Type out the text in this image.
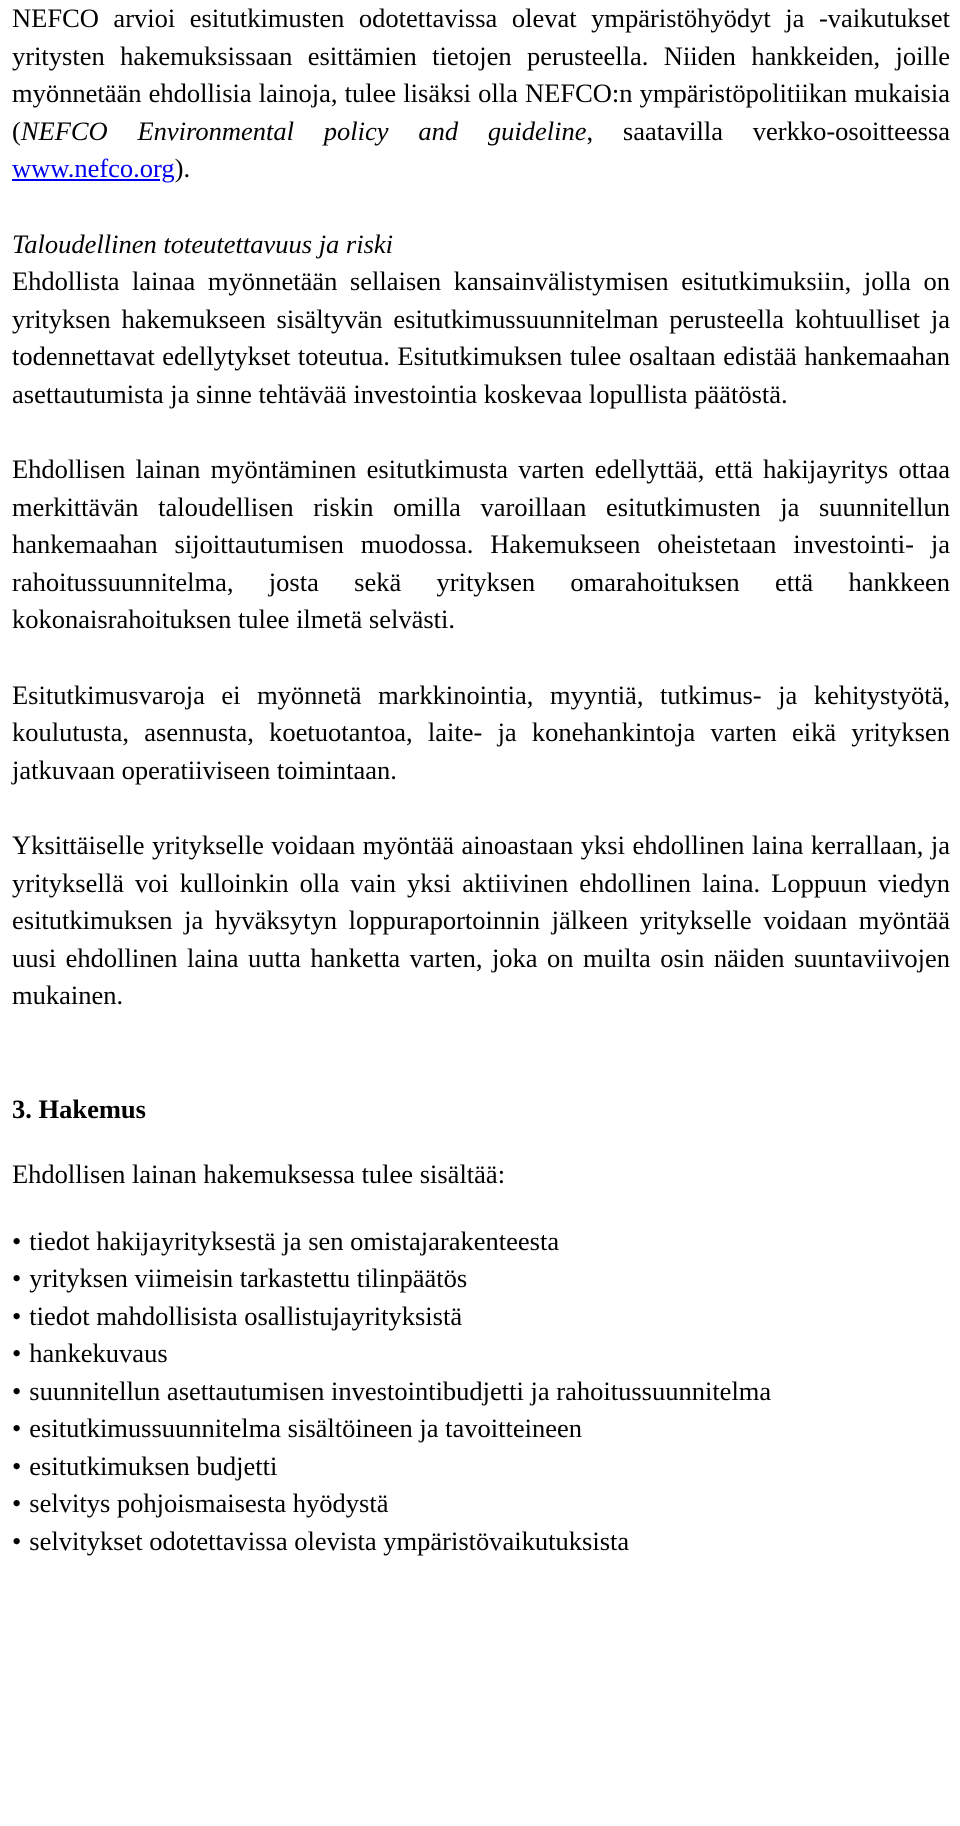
NEFCO arvioi esitutkimusten odotettavissa olevat ympäristöhyödyt ja -vaikutukset yritysten hakemuksissaan esittämien tietojen perusteella. Niiden hankkeiden, joille myönnetään ehdollisia lainoja, tulee lisäksi olla NEFCO:n ympäristöpolitiikan mukaisia (NEFCO Environmental policy and guideline, saatavilla verkko-osoitteessa www.nefco.org).

Taloudellinen toteutettavuus ja riski

Ehdollista lainaa myönnetään sellaisen kansainvälistymisen esitutkimuksiin, jolla on yrityksen hakemukseen sisältyvän esitutkimussuunnitelman perusteella kohtuulliset ja todennettavat edellytykset toteutua. Esitutkimuksen tulee osaltaan edistää hankemaahan asettautumista ja sinne tehtävää investointia koskevaa lopullista päätöstä.

Ehdollisen lainan myöntäminen esitutkimusta varten edellyttää, että hakijayritys ottaa merkittävän taloudellisen riskin omilla varoillaan esitutkimusten ja suunnitellun hankemaahan sijoittautumisen muodossa. Hakemukseen oheistetaan investointi- ja rahoitussuunnitelma, josta sekä yrityksen omarahoituksen että hankkeen kokonaisrahoituksen tulee ilmetä selvästi.

Esitutkimusvaroja ei myönnetä markkinointia, myyntiä, tutkimus- ja kehitystyötä, koulutusta, asennusta, koetuotantoa, laite- ja konehankintoja varten eikä yrityksen jatkuvaan operatiiviseen toimintaan.

Yksittäiselle yritykselle voidaan myöntää ainoastaan yksi ehdollinen laina kerrallaan, ja yrityksellä voi kulloinkin olla vain yksi aktiivinen ehdollinen laina. Loppuun viedyn esitutkimuksen ja hyväksytyn loppuraportoinnin jälkeen yritykselle voidaan myöntää uusi ehdollinen laina uutta hanketta varten, joka on muilta osin näiden suuntaviivojen mukainen.

3. Hakemus

Ehdollisen lainan hakemuksessa tulee sisältää:

• tiedot hakijayrityksestä ja sen omistajarakenteesta
• yrityksen viimeisin tarkastettu tilinpäätös
• tiedot mahdollisista osallistujayrityksistä
• hankekuvaus
• suunnitellun asettautumisen investointibudjetti ja rahoitussuunnitelma
• esitutkimussuunnitelma sisältöineen ja tavoitteineen
• esitutkimuksen budjetti
• selvitys pohjoismaisesta hyödystä
• selvitykset odotettavissa olevista ympäristövaikutuksista
